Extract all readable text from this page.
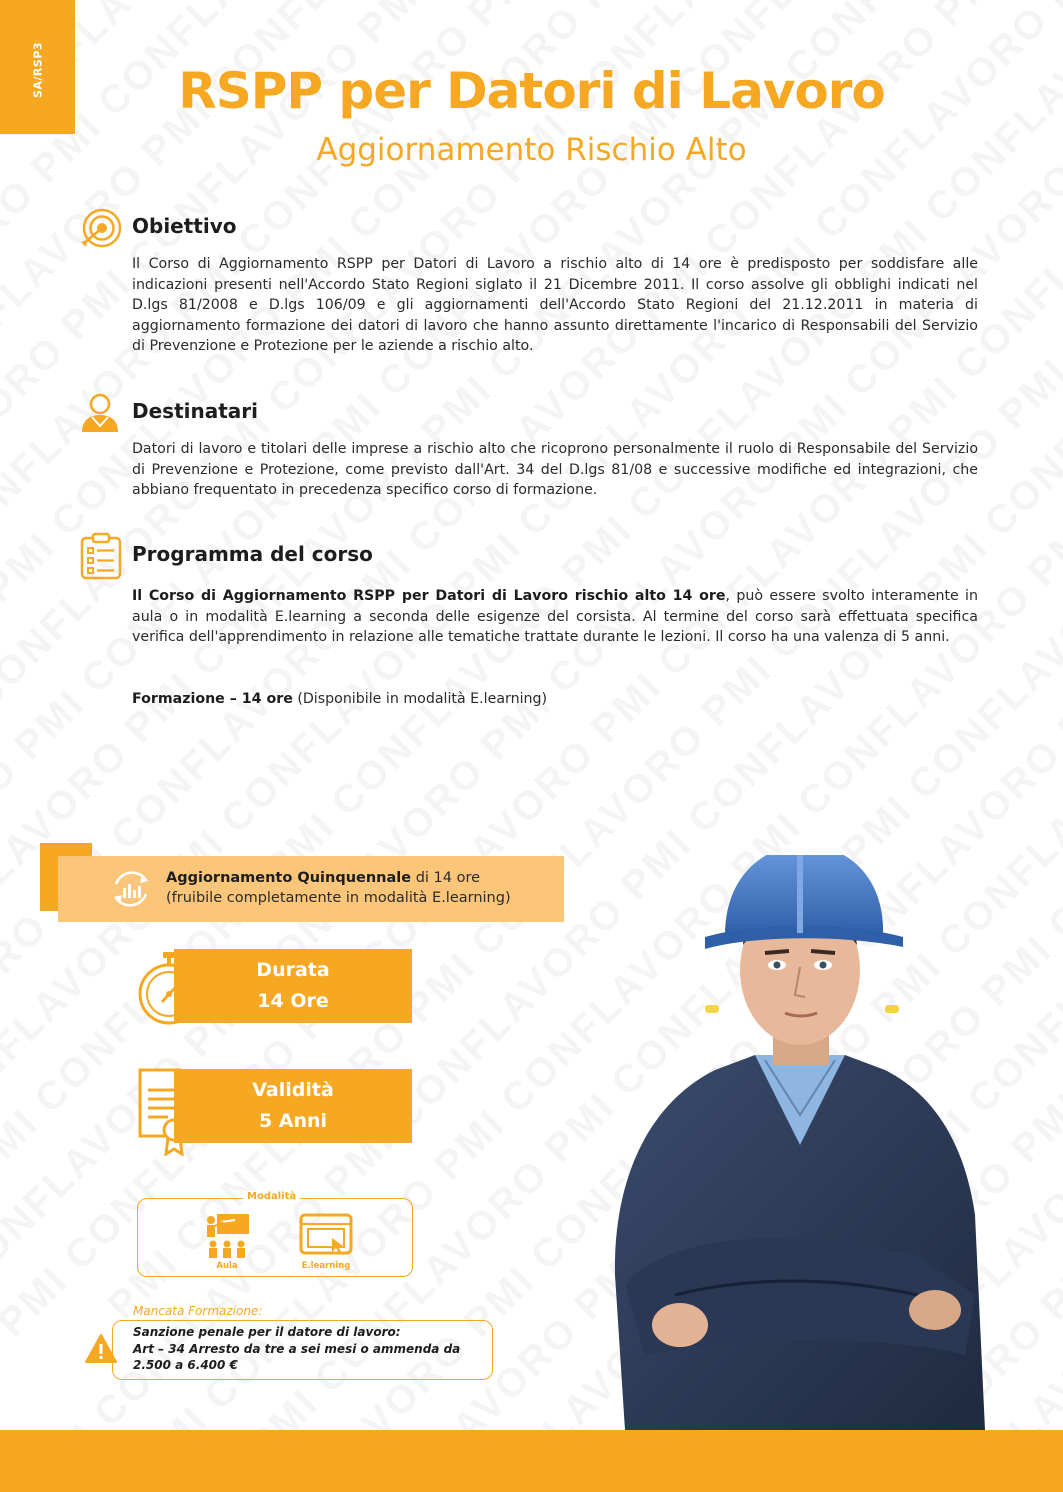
SA/RSP3	RSPP per Datori di Lavoro
Aggiornamento Rischio Alto
Obiettivo
Il Corso di Aggiornamento RSPP per Datori di Lavoro a rischio alto di 14 ore è predisposto per soddisfare alle indicazioni presenti nell'Accordo Stato Regioni siglato il 21 Dicembre 2011. Il corso assolve gli obblighi indicati nel D.lgs 81/2008 e D.lgs 106/09 e gli aggiornamenti dell'Accordo Stato Regioni del 21.12.2011 in materia di aggiornamento formazione dei datori di lavoro che hanno assunto direttamente l'incarico di Responsabili del Servizio di Prevenzione e Protezione per le aziende a rischio alto.
Destinatari
Datori di lavoro e titolari delle imprese a rischio alto che ricoprono personalmente il ruolo di Responsabile del Servizio di Prevenzione e Protezione, come previsto dall'Art. 34 del D.lgs 81/08 e successive modifiche ed integrazioni, che abbiano frequentato in precedenza specifico corso di formazione.
Programma del corso
Il Corso di Aggiornamento RSPP per Datori di Lavoro rischio alto 14 ore, può essere svolto interamente in aula o in modalità E.learning a seconda delle esigenze del corsista. Al termine del corso sarà effettuata specifica verifica dell'apprendimento in relazione alle tematiche trattate durante le lezioni. Il corso ha una valenza di 5 anni.
Formazione – 14 ore (Disponibile in modalità E.learning)
Aggiornamento Quinquennale di 14 ore
(fruibile completamente in modalità E.learning)
Durata
14 Ore
Validità
5 Anni
Modalità
Aula	E.learning
Mancata Formazione:
Sanzione penale per il datore di lavoro:
Art – 34 Arresto da tre a sei mesi o ammenda da
2.500 a 6.400 €
